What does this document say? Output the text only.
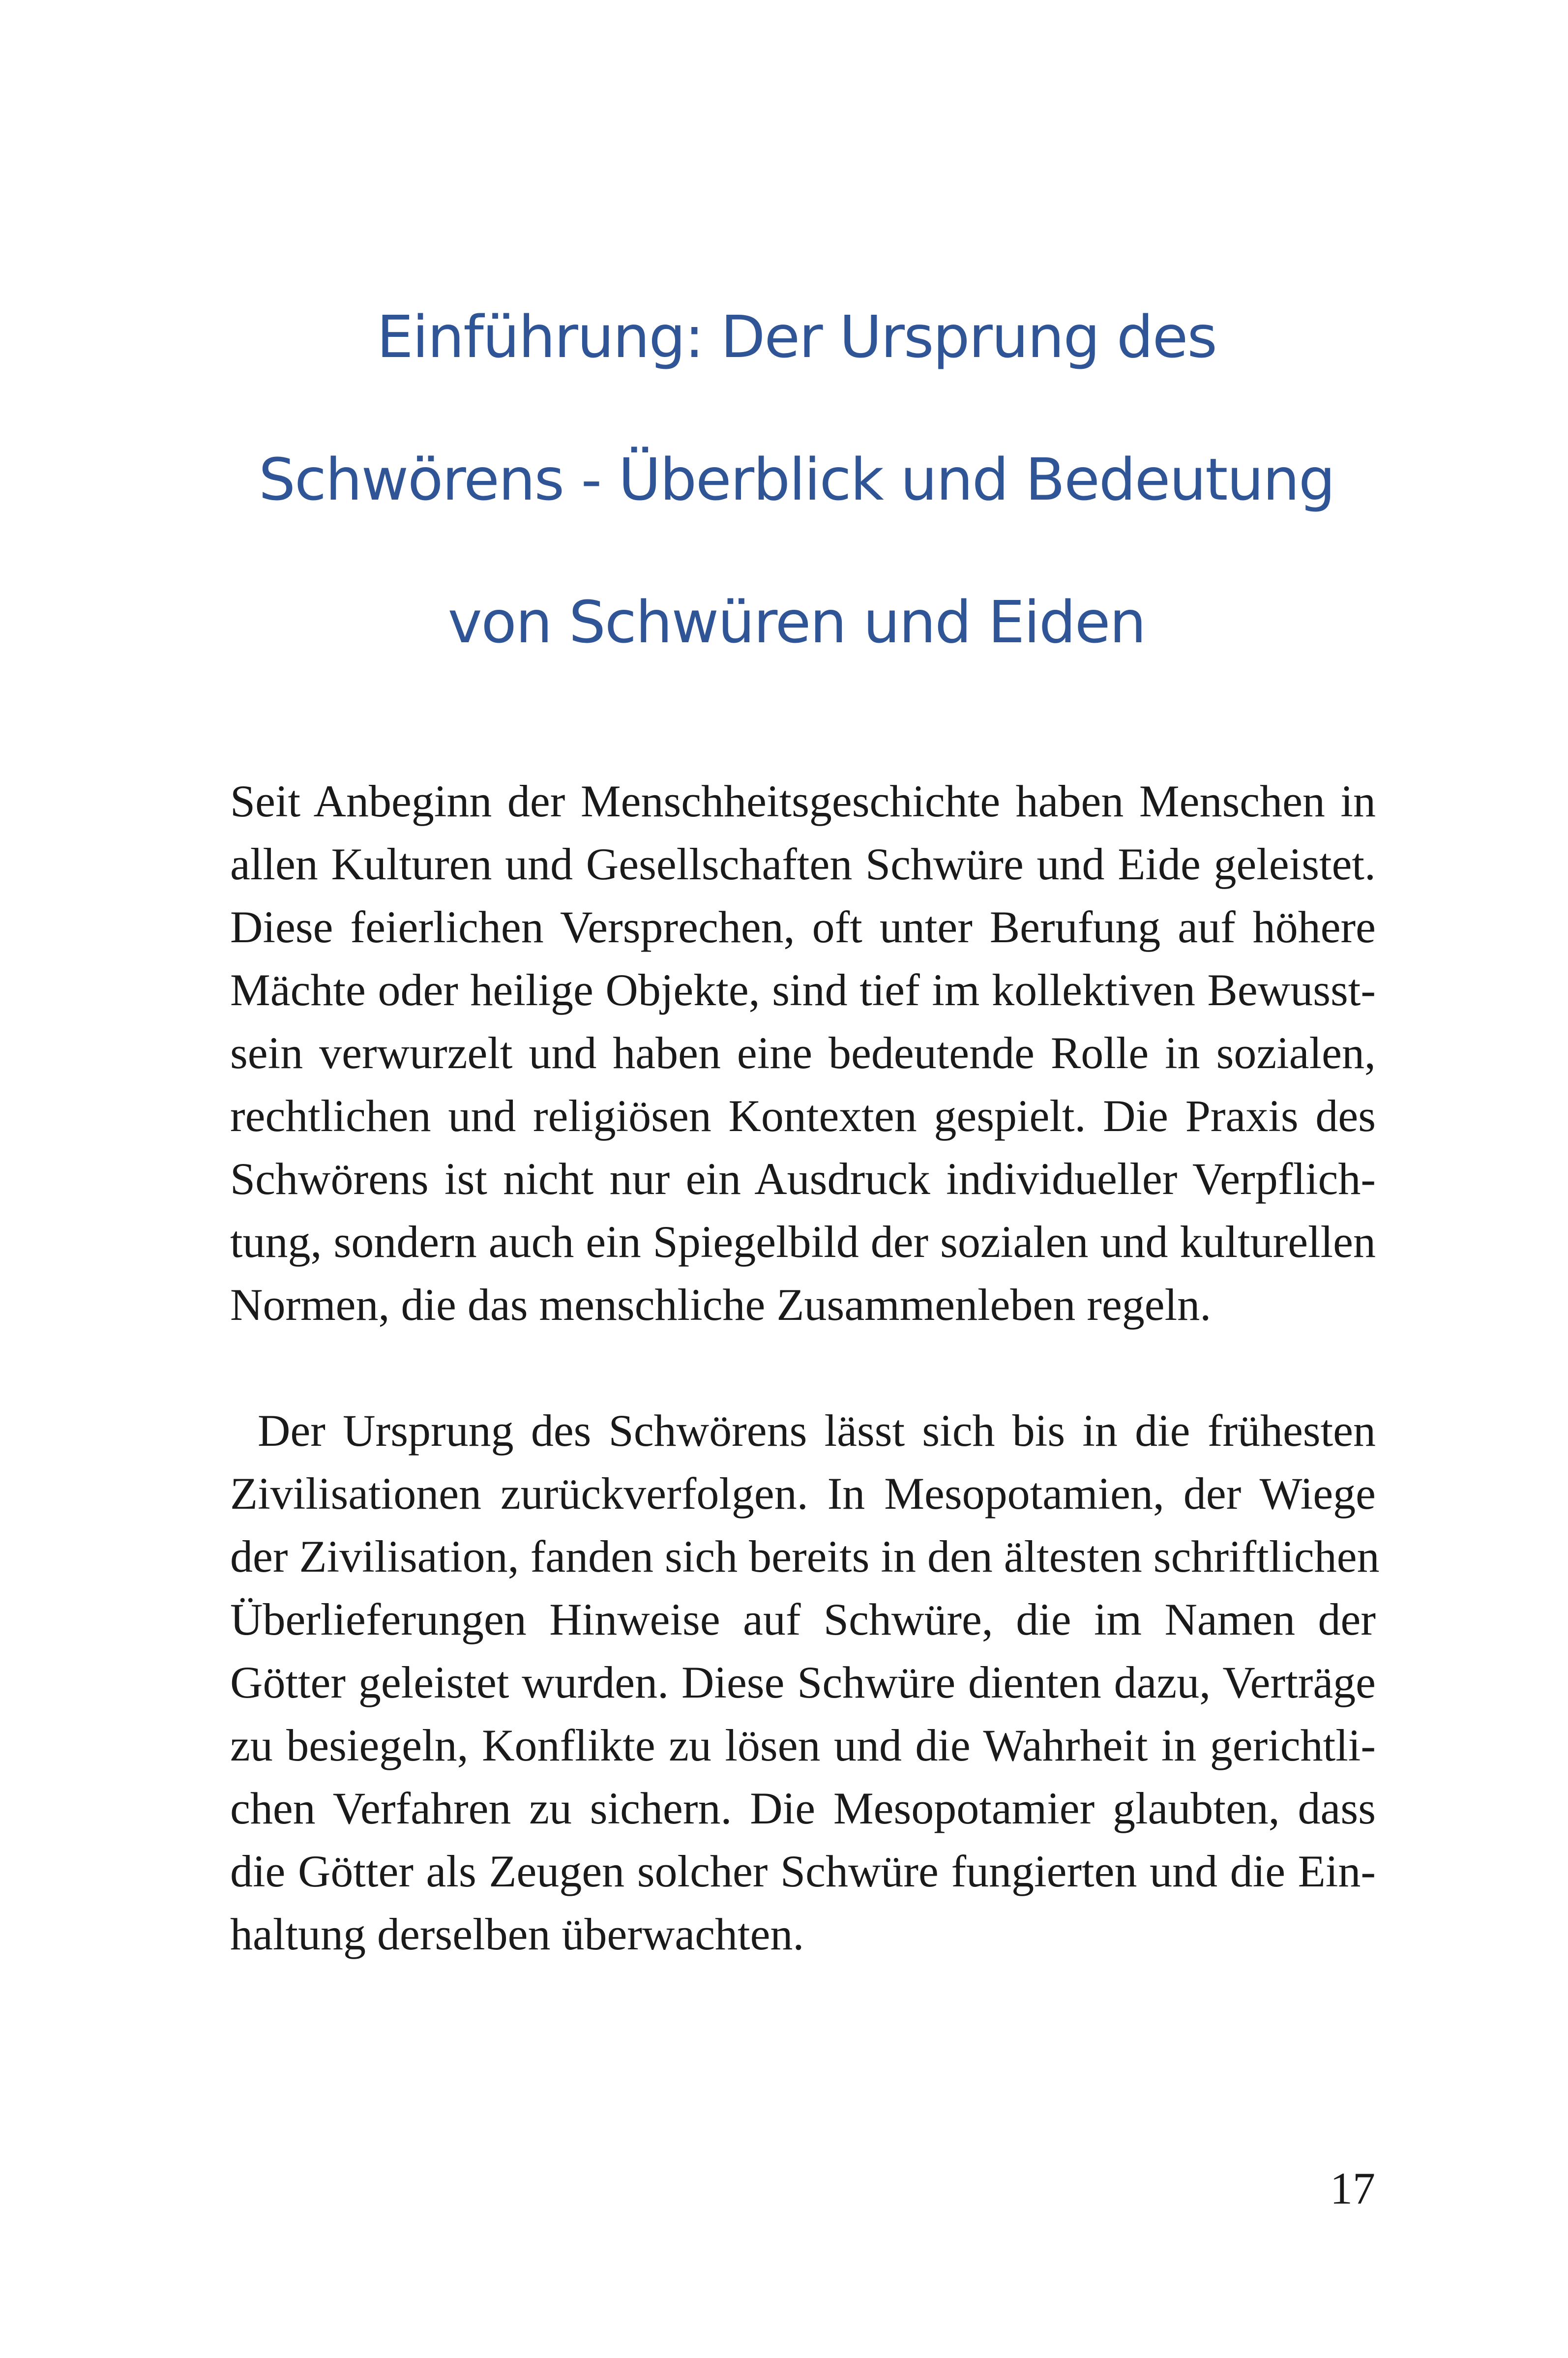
Einführung: Der Ursprung des
Schwörens - Überblick und Bedeutung
von Schwüren und Eiden
Seit Anbeginn der Menschheitsgeschichte haben Menschen in
allen Kulturen und Gesellschaften Schwüre und Eide geleistet.
Diese feierlichen Versprechen, oft unter Berufung auf höhere
Mächte oder heilige Objekte, sind tief im kollektiven Bewusst-
sein verwurzelt und haben eine bedeutende Rolle in sozialen,
rechtlichen und religiösen Kontexten gespielt. Die Praxis des
Schwörens ist nicht nur ein Ausdruck individueller Verpflich-
tung, sondern auch ein Spiegelbild der sozialen und kulturellen
Normen, die das menschliche Zusammenleben regeln.
Der Ursprung des Schwörens lässt sich bis in die frühesten
Zivilisationen zurückverfolgen. In Mesopotamien, der Wiege
der Zivilisation, fanden sich bereits in den ältesten schriftlichen
Überlieferungen Hinweise auf Schwüre, die im Namen der
Götter geleistet wurden. Diese Schwüre dienten dazu, Verträge
zu besiegeln, Konflikte zu lösen und die Wahrheit in gerichtli-
chen Verfahren zu sichern. Die Mesopotamier glaubten, dass
die Götter als Zeugen solcher Schwüre fungierten und die Ein-
haltung derselben überwachten.
17
